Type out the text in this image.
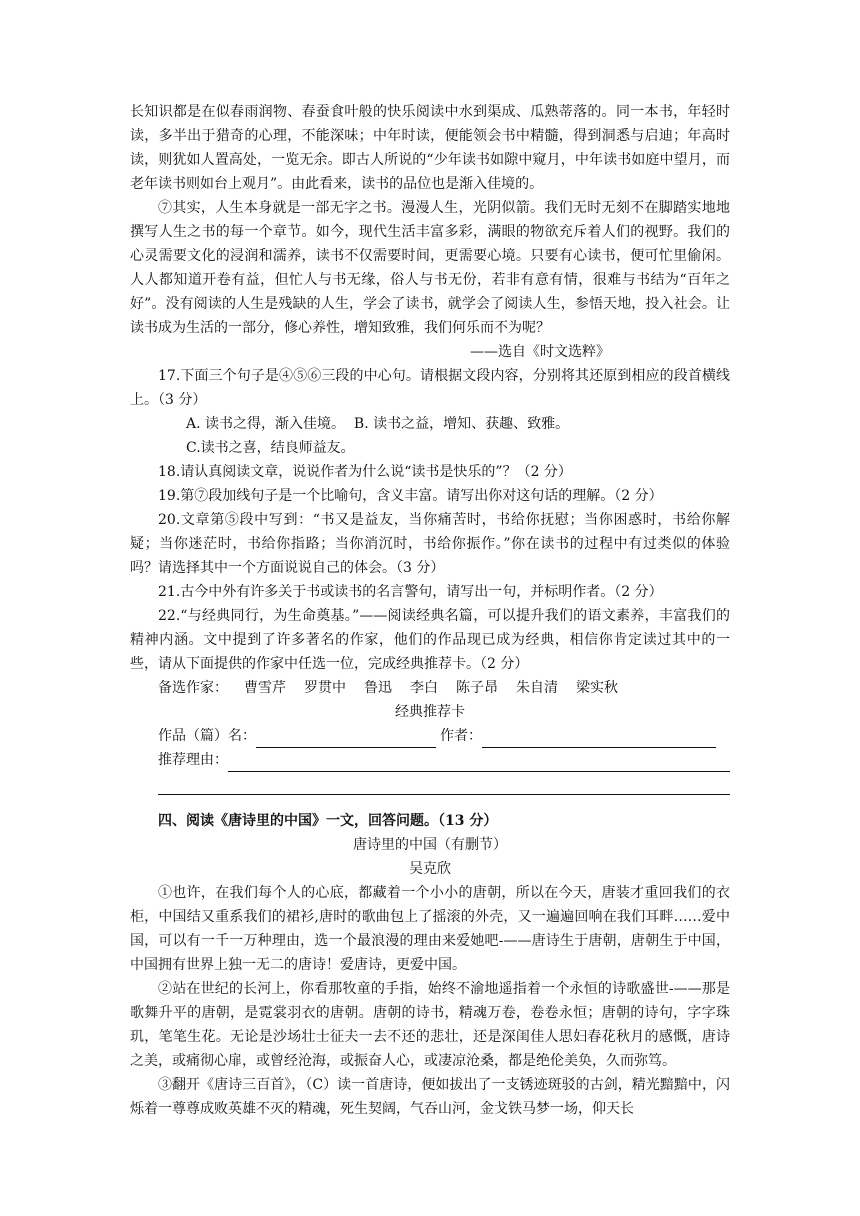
长知识都是在似春雨润物、春蚕食叶般的快乐阅读中水到渠成、瓜熟蒂落的。同一本书，年轻时读，多半出于猎奇的心理，不能深味；中年时读，便能领会书中精髓，得到洞悉与启迪；年高时读，则犹如人置高处，一览无余。即古人所说的“少年读书如隙中窥月，中年读书如庭中望月，而老年读书则如台上观月”。由此看来，读书的品位也是渐入佳境的。

⑦其实，人生本身就是一部无字之书。漫漫人生，光阴似箭。我们无时无刻不在脚踏实地地撰写人生之书的每一个章节。如今，现代生活丰富多彩，满眼的物欲充斥着人们的视野。我们的心灵需要文化的浸润和濡养，读书不仅需要时间，更需要心境。只要有心读书，便可忙里偷闲。人人都知道开卷有益，但忙人与书无缘，俗人与书无份，若非有意有情，很难与书结为“百年之好”。没有阅读的人生是残缺的人生，学会了读书，就学会了阅读人生，参悟天地，投入社会。让读书成为生活的一部分，修心养性，增知致雅，我们何乐而不为呢？

——选自《时文选粹》

17.下面三个句子是④⑤⑥三段的中心句。请根据文段内容，分别将其还原到相应的段首横线上。（3 分）

A. 读书之得，渐入佳境。  B. 读书之益，增知、获趣、致雅。

C.读书之喜，结良师益友。

18.请认真阅读文章，说说作者为什么说“读书是快乐的”？（2 分）

19.第⑦段加线句子是一个比喻句，含义丰富。请写出你对这句话的理解。（2 分）

20.文章第⑤段中写到：“书又是益友，当你痛苦时，书给你抚慰；当你困惑时，书给你解疑；当你迷茫时，书给你指路；当你消沉时，书给你振作。”你在读书的过程中有过类似的体验吗？请选择其中一个方面说说自己的体会。（3 分）

21.古今中外有许多关于书或读书的名言警句，请写出一句，并标明作者。（2 分）

22.“与经典同行，为生命奠基。”——阅读经典名篇，可以提升我们的语文素养，丰富我们的精神内涵。文中提到了许多著名的作家，他们的作品现已成为经典，相信你肯定读过其中的一些，请从下面提供的作家中任选一位，完成经典推荐卡。（2 分）

备选作家： 曹雪芹 罗贯中 鲁迅 李白 陈子昂 朱自清 梁实秋

经典推荐卡

作品（篇）名：	作者：
推荐理由：

四、阅读《唐诗里的中国》一文，回答问题。（13 分）

唐诗里的中国（有删节）

吴克欣

①也许，在我们每个人的心底，都藏着一个小小的唐朝，所以在今天，唐装才重回我们的衣柜，中国结又重系我们的裙衫,唐时的歌曲包上了摇滚的外壳，又一遍遍回响在我们耳畔……爱中国，可以有一千一万种理由，选一个最浪漫的理由来爱她吧-——唐诗生于唐朝，唐朝生于中国，中国拥有世界上独一无二的唐诗！爱唐诗，更爱中国。

②站在世纪的长河上，你看那牧童的手指，始终不渝地遥指着一个永恒的诗歌盛世-——那是歌舞升平的唐朝，是霓裳羽衣的唐朝。唐朝的诗书，精魂万卷，卷卷永恒；唐朝的诗句，字字珠玑，笔笔生花。无论是沙场壮士征夫一去不还的悲壮，还是深闺佳人思妇春花秋月的感慨，唐诗之美，或痛彻心扉，或曾经沧海，或振奋人心，或凄凉沧桑，都是绝伦美奂，久而弥笃。

③翻开《唐诗三百首》，（C）读一首唐诗，便如拔出了一支锈迹斑驳的古剑，精光黯黯中，闪烁着一尊尊成败英雄不灭的精魂，死生契阔，气吞山河，金戈铁马梦一场，仰天长
